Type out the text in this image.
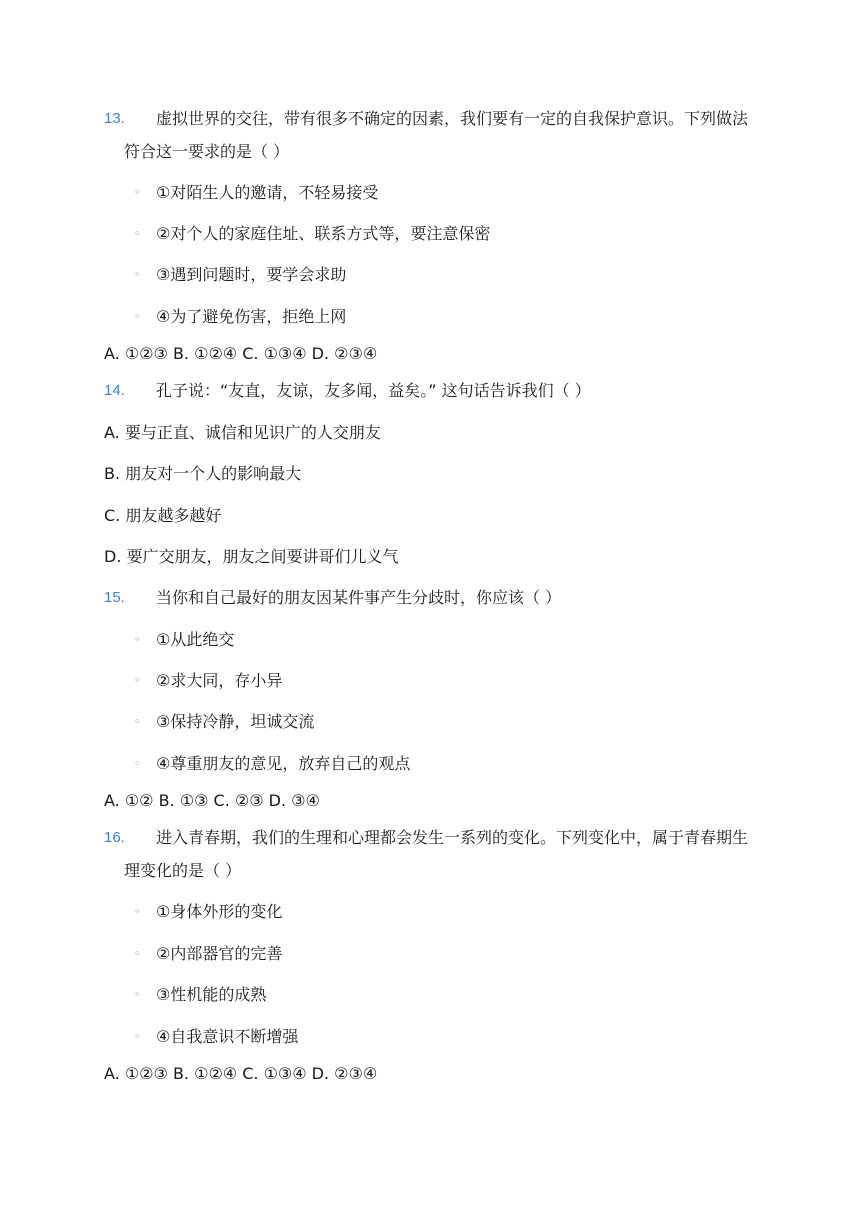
13. 虚拟世界的交往，带有很多不确定的因素，我们要有一定的自我保护意识。下列做法
符合这一要求的是（ ）
◦ ①对陌生人的邀请，不轻易接受
◦ ②对个人的家庭住址、联系方式等，要注意保密
◦ ③遇到问题时，要学会求助
◦ ④为了避免伤害，拒绝上网
A. ①②③ B. ①②④ C. ①③④ D. ②③④
14. 孔子说：“友直，友谅，友多闻，益矣。” 这句话告诉我们（ ）
A. 要与正直、诚信和见识广的人交朋友
B. 朋友对一个人的影响最大
C. 朋友越多越好
D. 要广交朋友，朋友之间要讲哥们儿义气
15. 当你和自己最好的朋友因某件事产生分歧时，你应该（ ）
◦ ①从此绝交
◦ ②求大同，存小异
◦ ③保持冷静，坦诚交流
◦ ④尊重朋友的意见，放弃自己的观点
A. ①② B. ①③ C. ②③ D. ③④
16. 进入青春期，我们的生理和心理都会发生一系列的变化。下列变化中，属于青春期生
理变化的是（ ）
◦ ①身体外形的变化
◦ ②内部器官的完善
◦ ③性机能的成熟
◦ ④自我意识不断增强
A. ①②③ B. ①②④ C. ①③④ D. ②③④
